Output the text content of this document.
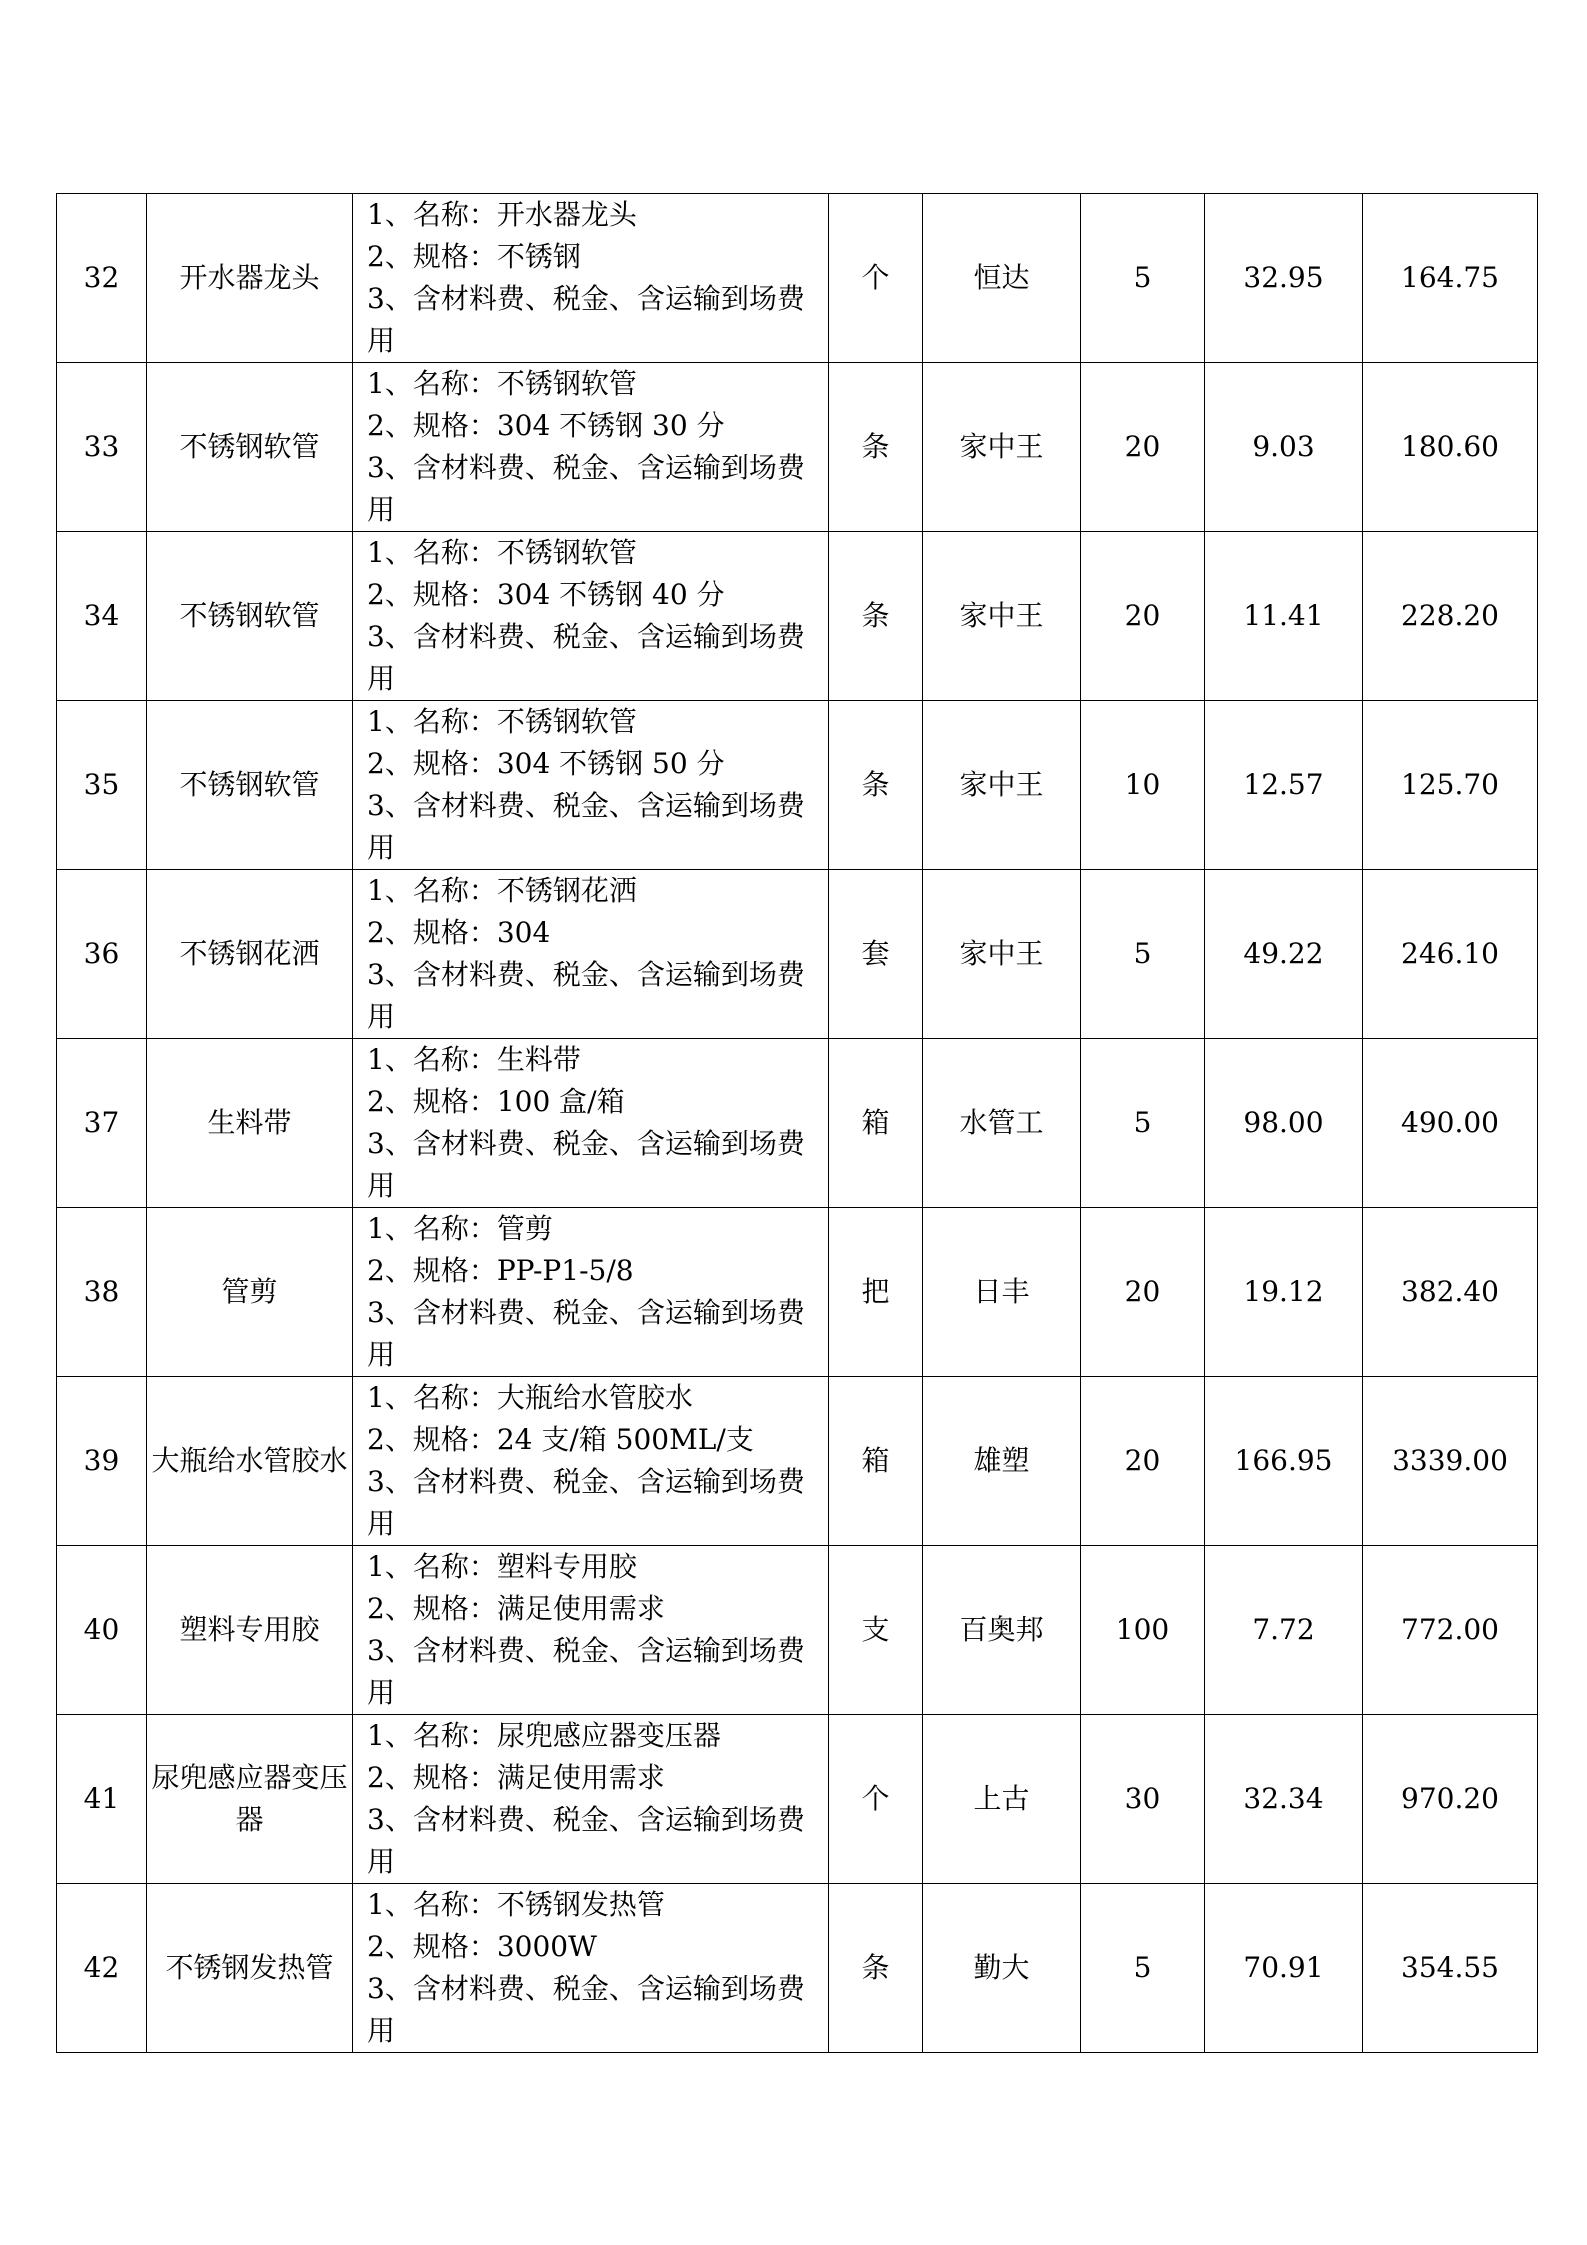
32	开水器龙头	1、名称：开水器龙头
2、规格：不锈钢
3、含材料费、税金、含运输到场费用	个	恒达	5	32.95	164.75
33	不锈钢软管	1、名称：不锈钢软管
2、规格：304 不锈钢 30 分
3、含材料费、税金、含运输到场费用	条	家中王	20	9.03	180.60
34	不锈钢软管	1、名称：不锈钢软管
2、规格：304 不锈钢 40 分
3、含材料费、税金、含运输到场费用	条	家中王	20	11.41	228.20
35	不锈钢软管	1、名称：不锈钢软管
2、规格：304 不锈钢 50 分
3、含材料费、税金、含运输到场费用	条	家中王	10	12.57	125.70
36	不锈钢花洒	1、名称：不锈钢花洒
2、规格：304
3、含材料费、税金、含运输到场费用	套	家中王	5	49.22	246.10
37	生料带	1、名称：生料带
2、规格：100 盒/箱
3、含材料费、税金、含运输到场费用	箱	水管工	5	98.00	490.00
38	管剪	1、名称：管剪
2、规格：PP-P1-5/8
3、含材料费、税金、含运输到场费用	把	日丰	20	19.12	382.40
39	大瓶给水管胶水	1、名称：大瓶给水管胶水
2、规格：24 支/箱 500ML/支
3、含材料费、税金、含运输到场费用	箱	雄塑	20	166.95	3339.00
40	塑料专用胶	1、名称：塑料专用胶
2、规格：满足使用需求
3、含材料费、税金、含运输到场费用	支	百奥邦	100	7.72	772.00
41	尿兜感应器变压器	1、名称：尿兜感应器变压器
2、规格：满足使用需求
3、含材料费、税金、含运输到场费用	个	上古	30	32.34	970.20
42	不锈钢发热管	1、名称：不锈钢发热管
2、规格：3000W
3、含材料费、税金、含运输到场费用	条	勤大	5	70.91	354.55
